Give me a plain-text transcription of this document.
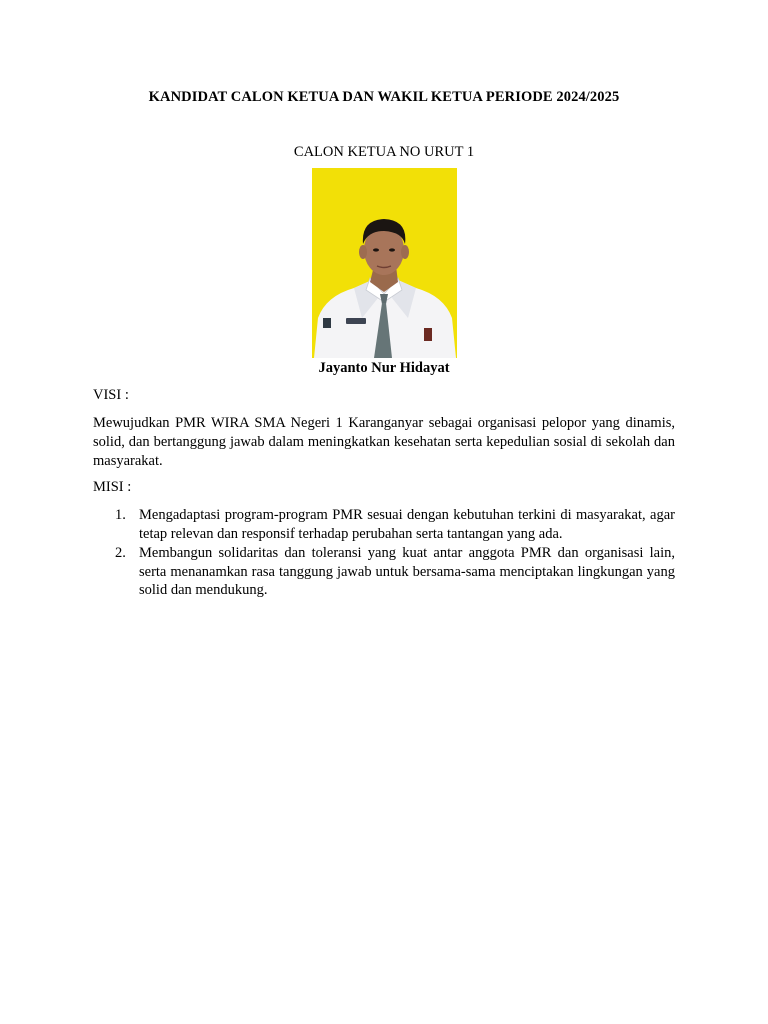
KANDIDAT CALON KETUA DAN WAKIL KETUA PERIODE 2024/2025
CALON KETUA NO URUT 1
Jayanto Nur Hidayat
VISI :
Mewujudkan PMR WIRA SMA Negeri 1 Karanganyar sebagai organisasi pelopor yang dinamis, solid, dan bertanggung jawab dalam meningkatkan kesehatan serta kepedulian sosial di sekolah dan masyarakat.
MISI :
1. Mengadaptasi program-program PMR sesuai dengan kebutuhan terkini di masyarakat, agar tetap relevan dan responsif terhadap perubahan serta tantangan yang ada.
2. Membangun solidaritas dan toleransi yang kuat antar anggota PMR dan organisasi lain, serta menanamkan rasa tanggung jawab untuk bersama-sama menciptakan lingkungan yang solid dan mendukung.
